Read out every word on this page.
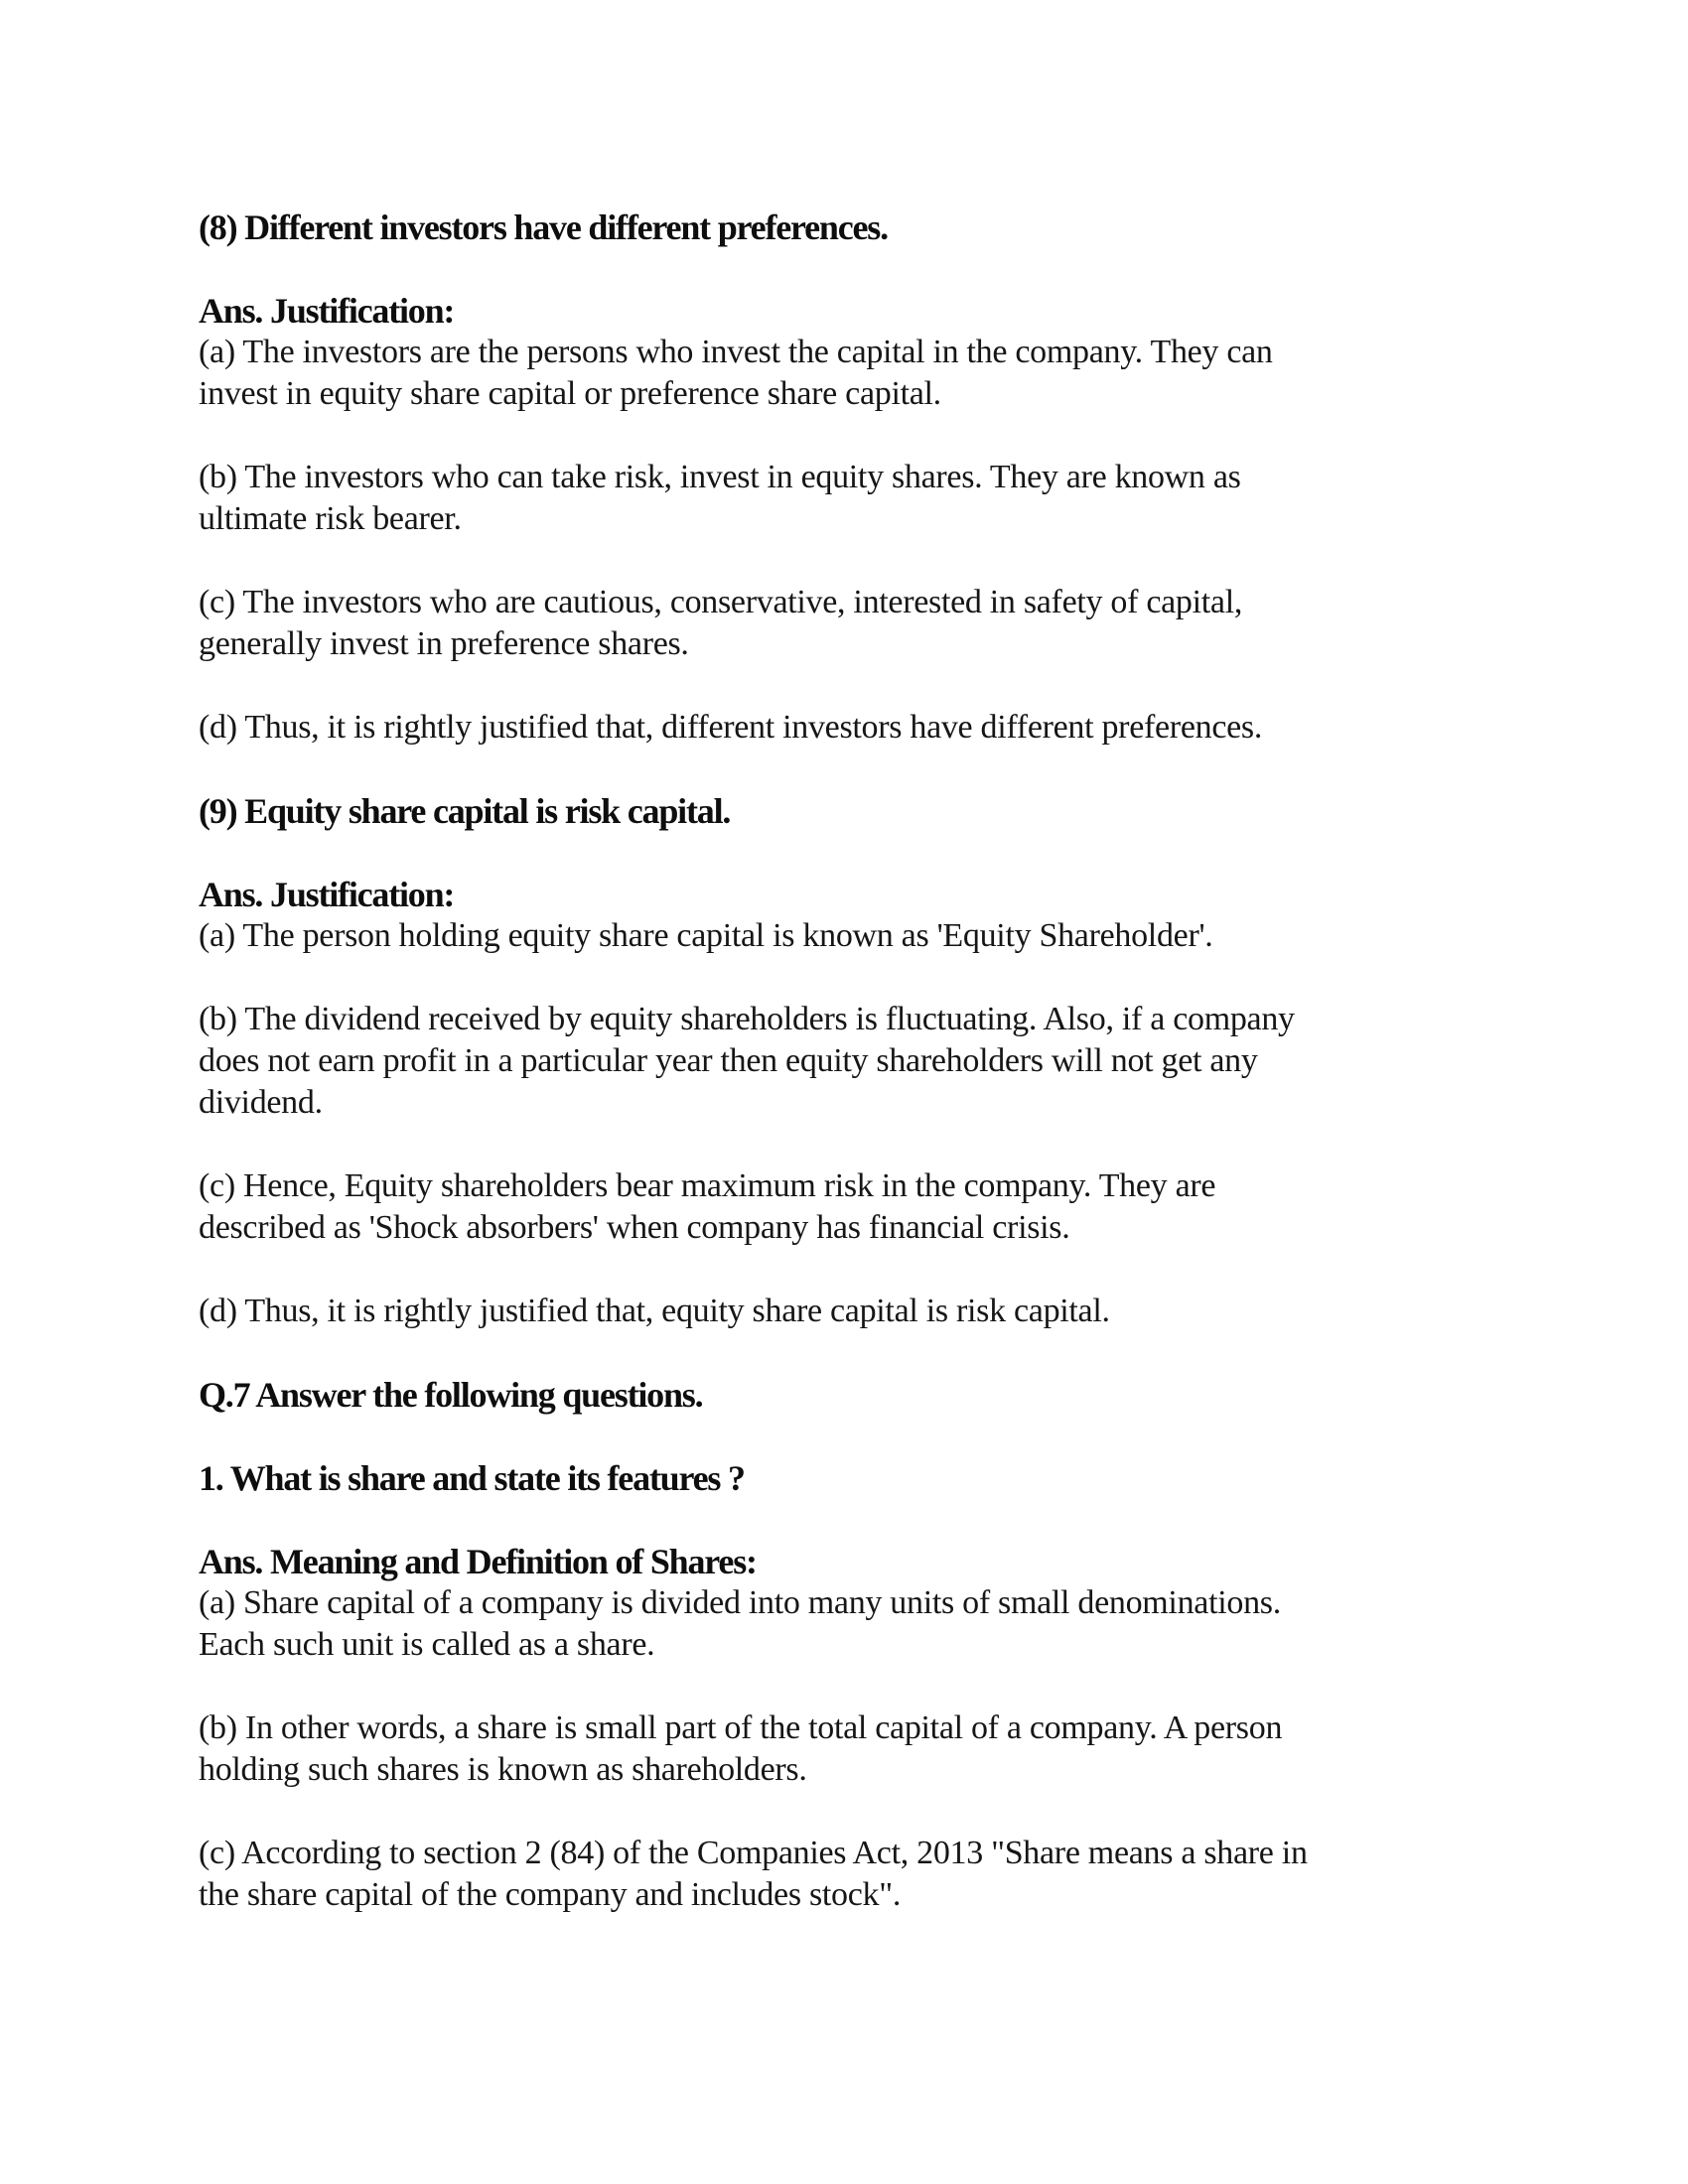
(8) Different investors have different preferences.
Ans. Justification:
(a) The investors are the persons who invest the capital in the company. They can
invest in equity share capital or preference share capital.
(b) The investors who can take risk, invest in equity shares. They are known as
ultimate risk bearer.
(c) The investors who are cautious, conservative, interested in safety of capital,
generally invest in preference shares.
(d) Thus, it is rightly justified that, different investors have different preferences.
(9) Equity share capital is risk capital.
Ans. Justification:
(a) The person holding equity share capital is known as 'Equity Shareholder'.
(b) The dividend received by equity shareholders is fluctuating. Also, if a company
does not earn profit in a particular year then equity shareholders will not get any
dividend.
(c) Hence, Equity shareholders bear maximum risk in the company. They are
described as 'Shock absorbers' when company has financial crisis.
(d) Thus, it is rightly justified that, equity share capital is risk capital.
Q.7 Answer the following questions.
1. What is share and state its features ?
Ans. Meaning and Definition of Shares:
(a) Share capital of a company is divided into many units of small denominations.
Each such unit is called as a share.
(b) In other words, a share is small part of the total capital of a company. A person
holding such shares is known as shareholders.
(c) According to section 2 (84) of the Companies Act, 2013 "Share means a share in
the share capital of the company and includes stock".
